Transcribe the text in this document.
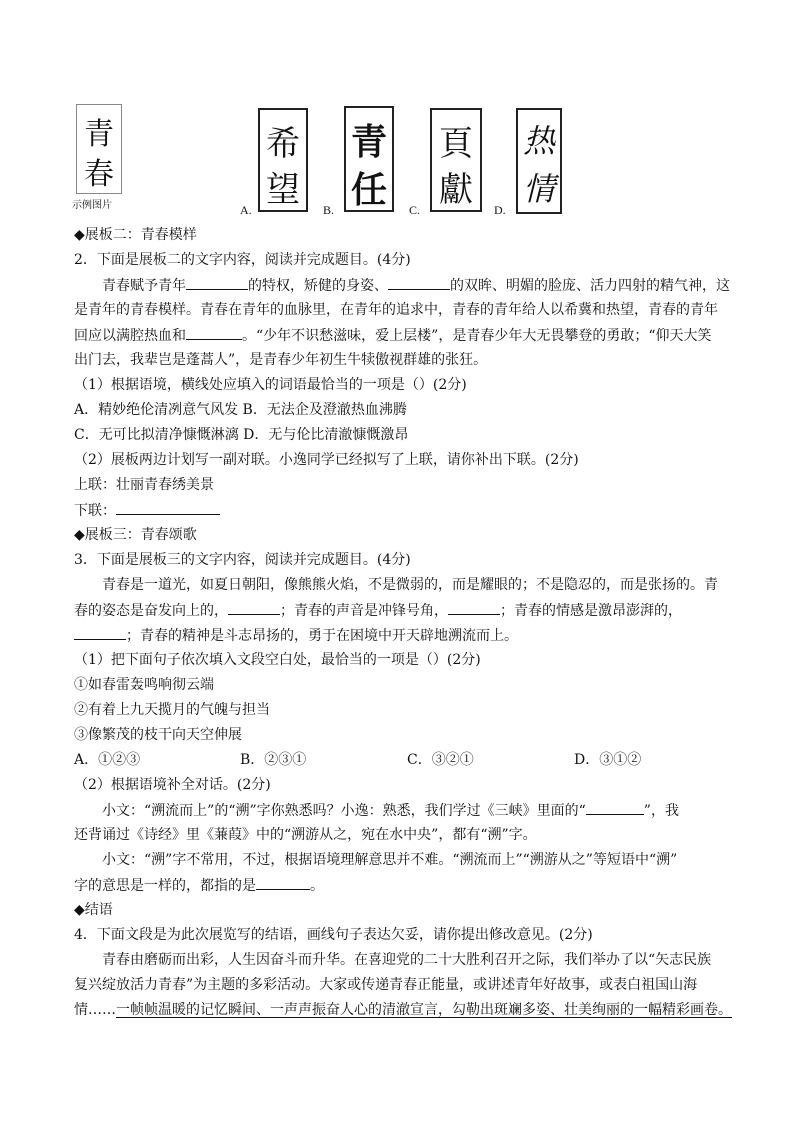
青
春
示例图片	A.
希
望	B.
青
任	C.
頁
獻	D.
热
情
◆展板二：青春模样
2．下面是展板二的文字内容，阅读并完成题目。(4分)
青春赋予青年	的特权，矫健的身姿、	的双眸、明媚的脸庞、活力四射的精气神，这
是青年的青春模样。青春在青年的血脉里，在青年的追求中，青春的青年给人以希冀和热望，青春的青年
回应以满腔热血和	。“少年不识愁滋味，爱上层楼”，是青春少年大无畏攀登的勇敢；“仰天大笑
出门去，我辈岂是蓬蒿人”，是青春少年初生牛犊傲视群雄的张狂。
（1）根据语境，横线处应填入的词语最恰当的一项是（）(2分)
A．精妙绝伦清冽意气风发 B．无法企及澄澈热血沸腾
C．无可比拟清净慷慨淋漓 D．无与伦比清澈慷慨激昂
（2）展板两边计划写一副对联。小逸同学已经拟写了上联，请你补出下联。(2分)
上联：壮丽青春绣美景
下联：
◆展板三：青春颂歌
3．下面是展板三的文字内容，阅读并完成题目。(4分)
青春是一道光，如夏日朝阳，像熊熊火焰，不是微弱的，而是耀眼的；不是隐忍的，而是张扬的。青
春的姿态是奋发向上的，	；青春的声音是冲锋号角，	；青春的情感是激昂澎湃的，
；青春的精神是斗志昂扬的，勇于在困境中开天辟地溯流而上。
（1）把下面句子依次填入文段空白处，最恰当的一项是（）(2分)
①如春雷轰鸣响彻云端
②有着上九天揽月的气魄与担当
③像繁茂的枝干向天空伸展
A．①②③	B．②③①	C．③②①	D．③①②
（2）根据语境补全对话。(2分)
小文：“溯流而上”的“溯”字你熟悉吗？小逸：熟悉，我们学过《三峡》里面的“	”，我
还背诵过《诗经》里《蒹葭》中的“溯游从之，宛在水中央”，都有“溯”字。
小文：“溯”字不常用，不过，根据语境理解意思并不难。“溯流而上”“溯游从之”等短语中“溯”
字的意思是一样的，都指的是	。
◆结语
4．下面文段是为此次展览写的结语，画线句子表达欠妥，请你提出修改意见。(2分)
青春由磨砺而出彩，人生因奋斗而升华。在喜迎党的二十大胜利召开之际，我们举办了以“矢志民族
复兴绽放活力青春”为主题的多彩活动。大家或传递青春正能量，或讲述青年好故事，或表白祖国山海
情……一帧帧温暖的记忆瞬间、一声声振奋人心的清澈宣言，勾勒出斑斓多姿、壮美绚丽的一幅精彩画卷。
